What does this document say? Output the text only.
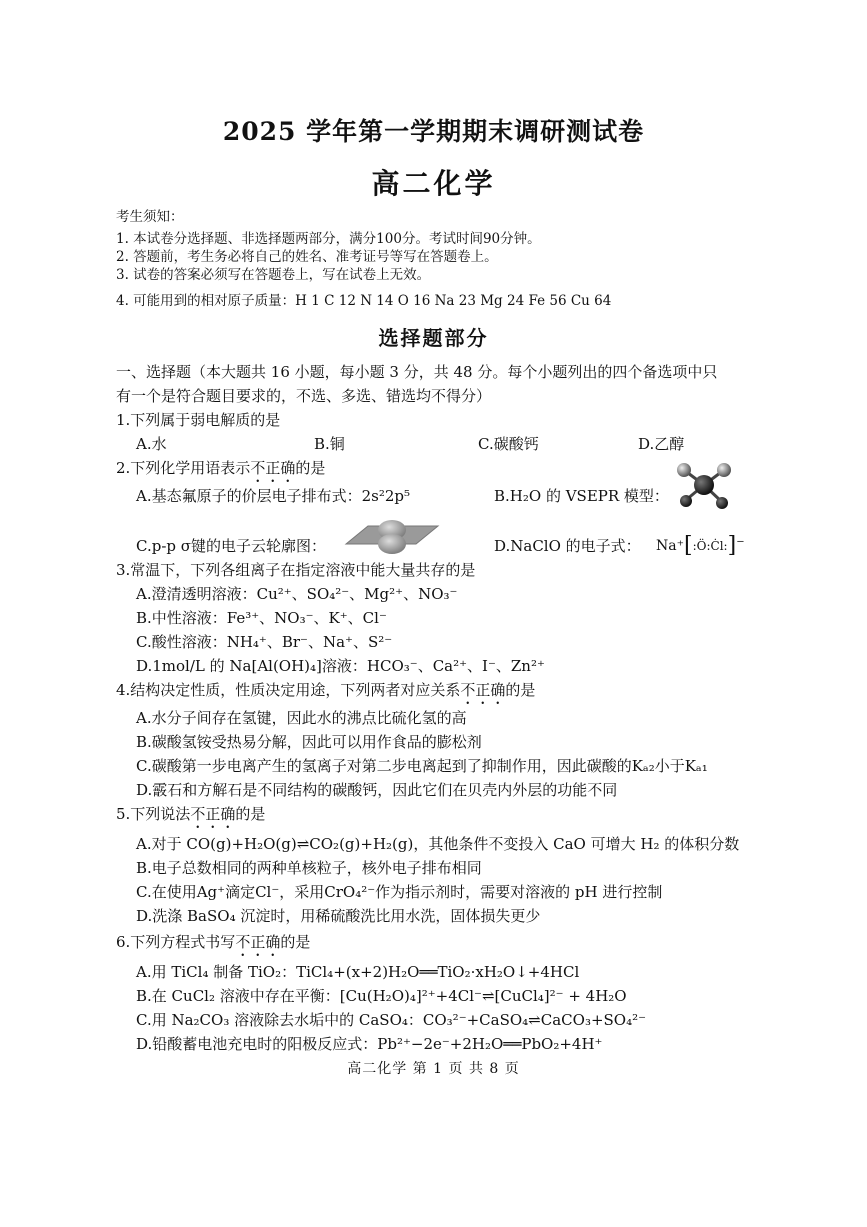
2025 学年第一学期期末调研测试卷
高二化学
考生须知：
1. 本试卷分选择题、非选择题两部分，满分100分。考试时间90分钟。
2. 答题前，考生务必将自己的姓名、准考证号等写在答题卷上。
3. 试卷的答案必须写在答题卷上，写在试卷上无效。
4. 可能用到的相对原子质量：H 1 C 12 N 14 O 16 Na 23 Mg 24 Fe 56 Cu 64
选择题部分
一、选择题（本大题共 16 小题，每小题 3 分，共 48 分。每个小题列出的四个备选项中只
有一个是符合题目要求的，不选、多选、错选均不得分）
1.下列属于弱电解质的是
A.水	B.铜	C.碳酸钙	D.乙醇
2.下列化学用语表示不正确的是
A.基态氟原子的价层电子排布式：2s²2p⁵	B.H₂O 的 VSEPR 模型：
C.p-p σ键的电子云轮廓图：	D.NaClO 的电子式： Na⁺[:Ö:Ċl:]−
3.常温下，下列各组离子在指定溶液中能大量共存的是
A.澄清透明溶液：Cu²⁺、SO₄²⁻、Mg²⁺、NO₃⁻
B.中性溶液：Fe³⁺、NO₃⁻、K⁺、Cl⁻
C.酸性溶液：NH₄⁺、Br⁻、Na⁺、S²⁻
D.1mol/L 的 Na[Al(OH)₄]溶液：HCO₃⁻、Ca²⁺、I⁻、Zn²⁺
4.结构决定性质，性质决定用途，下列两者对应关系不正确的是
A.水分子间存在氢键，因此水的沸点比硫化氢的高
B.碳酸氢铵受热易分解，因此可以用作食品的膨松剂
C.碳酸第一步电离产生的氢离子对第二步电离起到了抑制作用，因此碳酸的Kₐ₂小于Kₐ₁
D.霰石和方解石是不同结构的碳酸钙，因此它们在贝壳内外层的功能不同
5.下列说法不正确的是
A.对于 CO(g)+H₂O(g)⇌CO₂(g)+H₂(g)，其他条件不变投入 CaO 可增大 H₂ 的体积分数
B.电子总数相同的两种单核粒子，核外电子排布相同
C.在使用Ag⁺滴定Cl⁻，采用CrO₄²⁻作为指示剂时，需要对溶液的 pH 进行控制
D.洗涤 BaSO₄ 沉淀时，用稀硫酸洗比用水洗，固体损失更少
6.下列方程式书写不正确的是
A.用 TiCl₄ 制备 TiO₂：TiCl₄+(x+2)H₂O══TiO₂·xH₂O↓+4HCl
B.在 CuCl₂ 溶液中存在平衡：[Cu(H₂O)₄]²⁺+4Cl⁻⇌[CuCl₄]²⁻ + 4H₂O
C.用 Na₂CO₃ 溶液除去水垢中的 CaSO₄：CO₃²⁻+CaSO₄⇌CaCO₃+SO₄²⁻
D.铅酸蓄电池充电时的阳极反应式：Pb²⁺−2e⁻+2H₂O══PbO₂+4H⁺
高二化学 第 1 页 共 8 页
